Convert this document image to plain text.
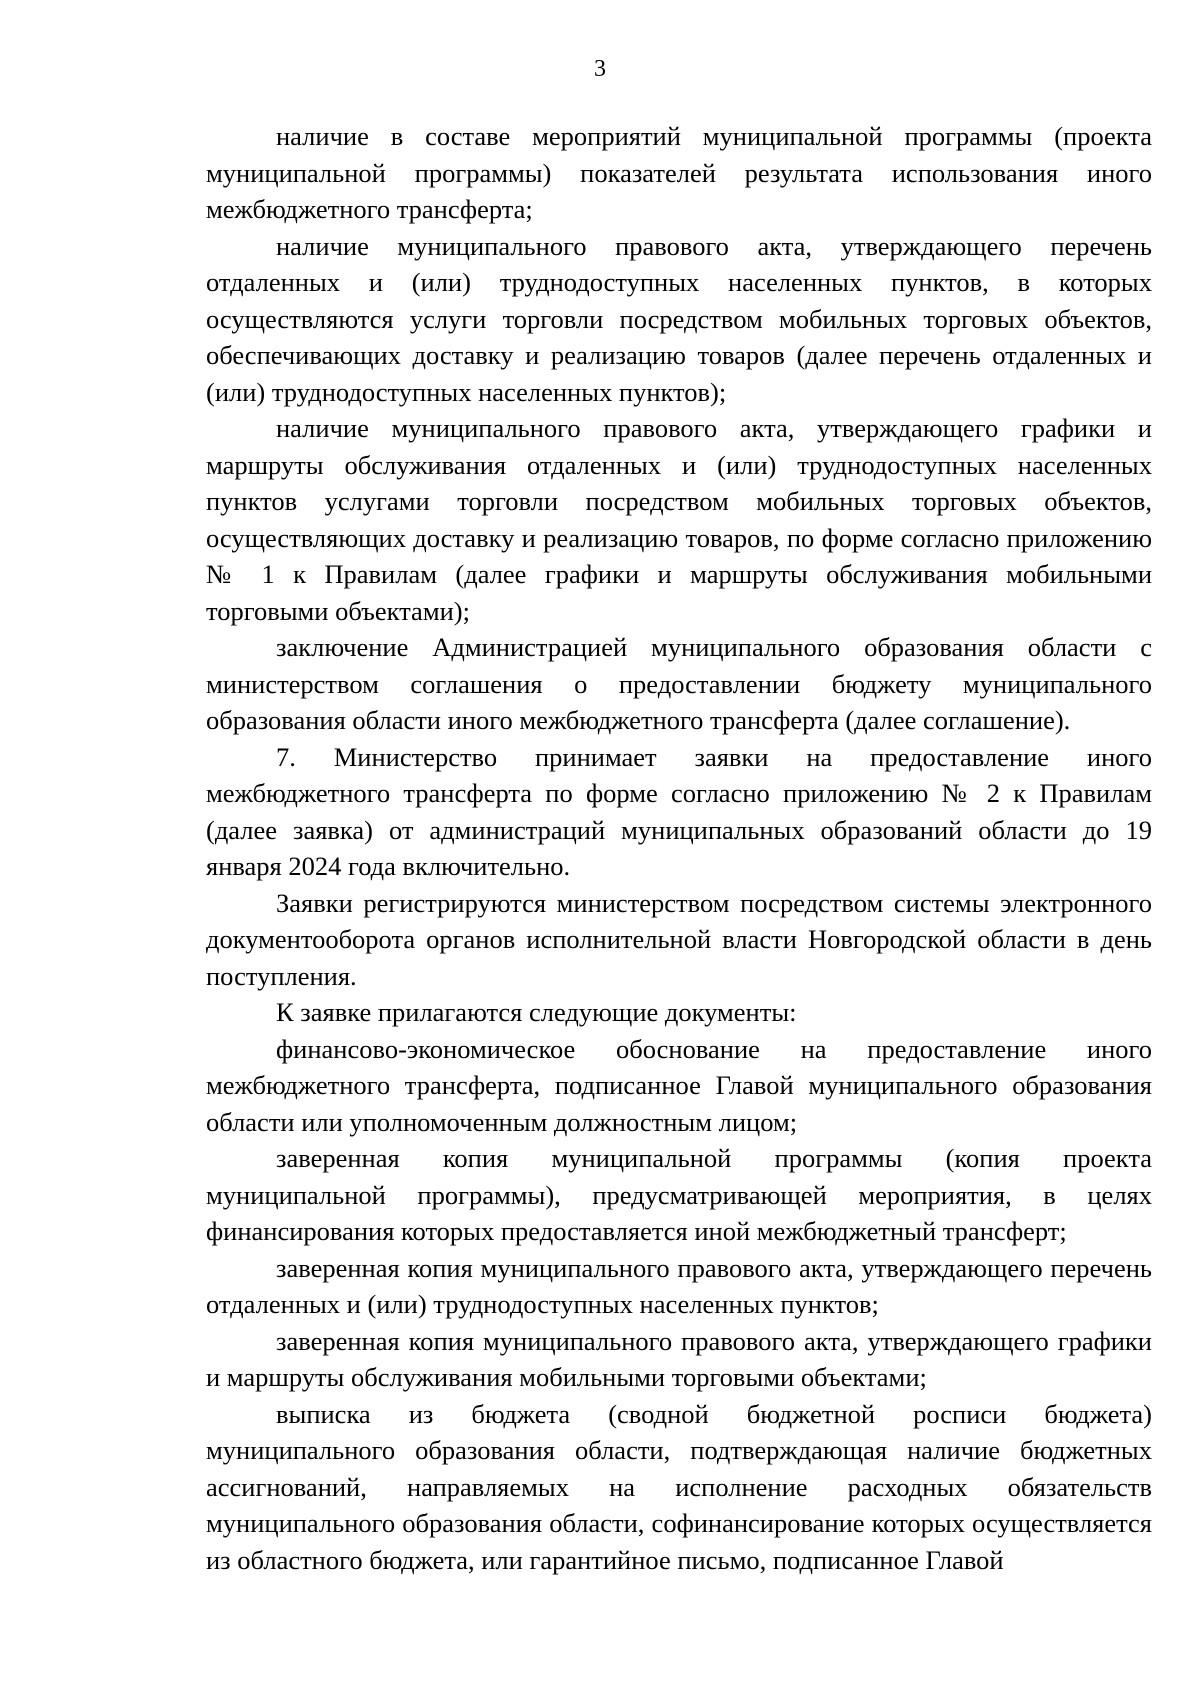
3

наличие в составе мероприятий муниципальной программы (проекта муниципальной программы) показателей результата использования иного межбюджетного трансферта;

наличие муниципального правового акта, утверждающего перечень отдаленных и (или) труднодоступных населенных пунктов, в которых осуществляются услуги торговли посредством мобильных торговых объектов, обеспечивающих доставку и реализацию товаров (далее перечень отдаленных и (или) труднодоступных населенных пунктов);

наличие муниципального правового акта, утверждающего графики и маршруты обслуживания отдаленных и (или) труднодоступных населенных пунктов услугами торговли посредством мобильных торговых объектов, осуществляющих доставку и реализацию товаров, по форме согласно приложению № 1 к Правилам (далее графики и маршруты обслуживания мобильными торговыми объектами);

заключение Администрацией муниципального образования области с министерством соглашения о предоставлении бюджету муниципального образования области иного межбюджетного трансферта (далее соглашение).

7. Министерство принимает заявки на предоставление иного межбюджетного трансферта по форме согласно приложению № 2 к Правилам (далее заявка) от администраций муниципальных образований области до 19 января 2024 года включительно.

Заявки регистрируются министерством посредством системы электронного документооборота органов исполнительной власти Новгородской области в день поступления.

К заявке прилагаются следующие документы:

финансово-экономическое обоснование на предоставление иного межбюджетного трансферта, подписанное Главой муниципального образования области или уполномоченным должностным лицом;

заверенная копия муниципальной программы (копия проекта муниципальной программы), предусматривающей мероприятия, в целях финансирования которых предоставляется иной межбюджетный трансферт;

заверенная копия муниципального правового акта, утверждающего перечень отдаленных и (или) труднодоступных населенных пунктов;

заверенная копия муниципального правового акта, утверждающего графики и маршруты обслуживания мобильными торговыми объектами;

выписка из бюджета (сводной бюджетной росписи бюджета) муниципального образования области, подтверждающая наличие бюджетных ассигнований, направляемых на исполнение расходных обязательств муниципального образования области, софинансирование которых осуществляется из областного бюджета, или гарантийное письмо, подписанное Главой
